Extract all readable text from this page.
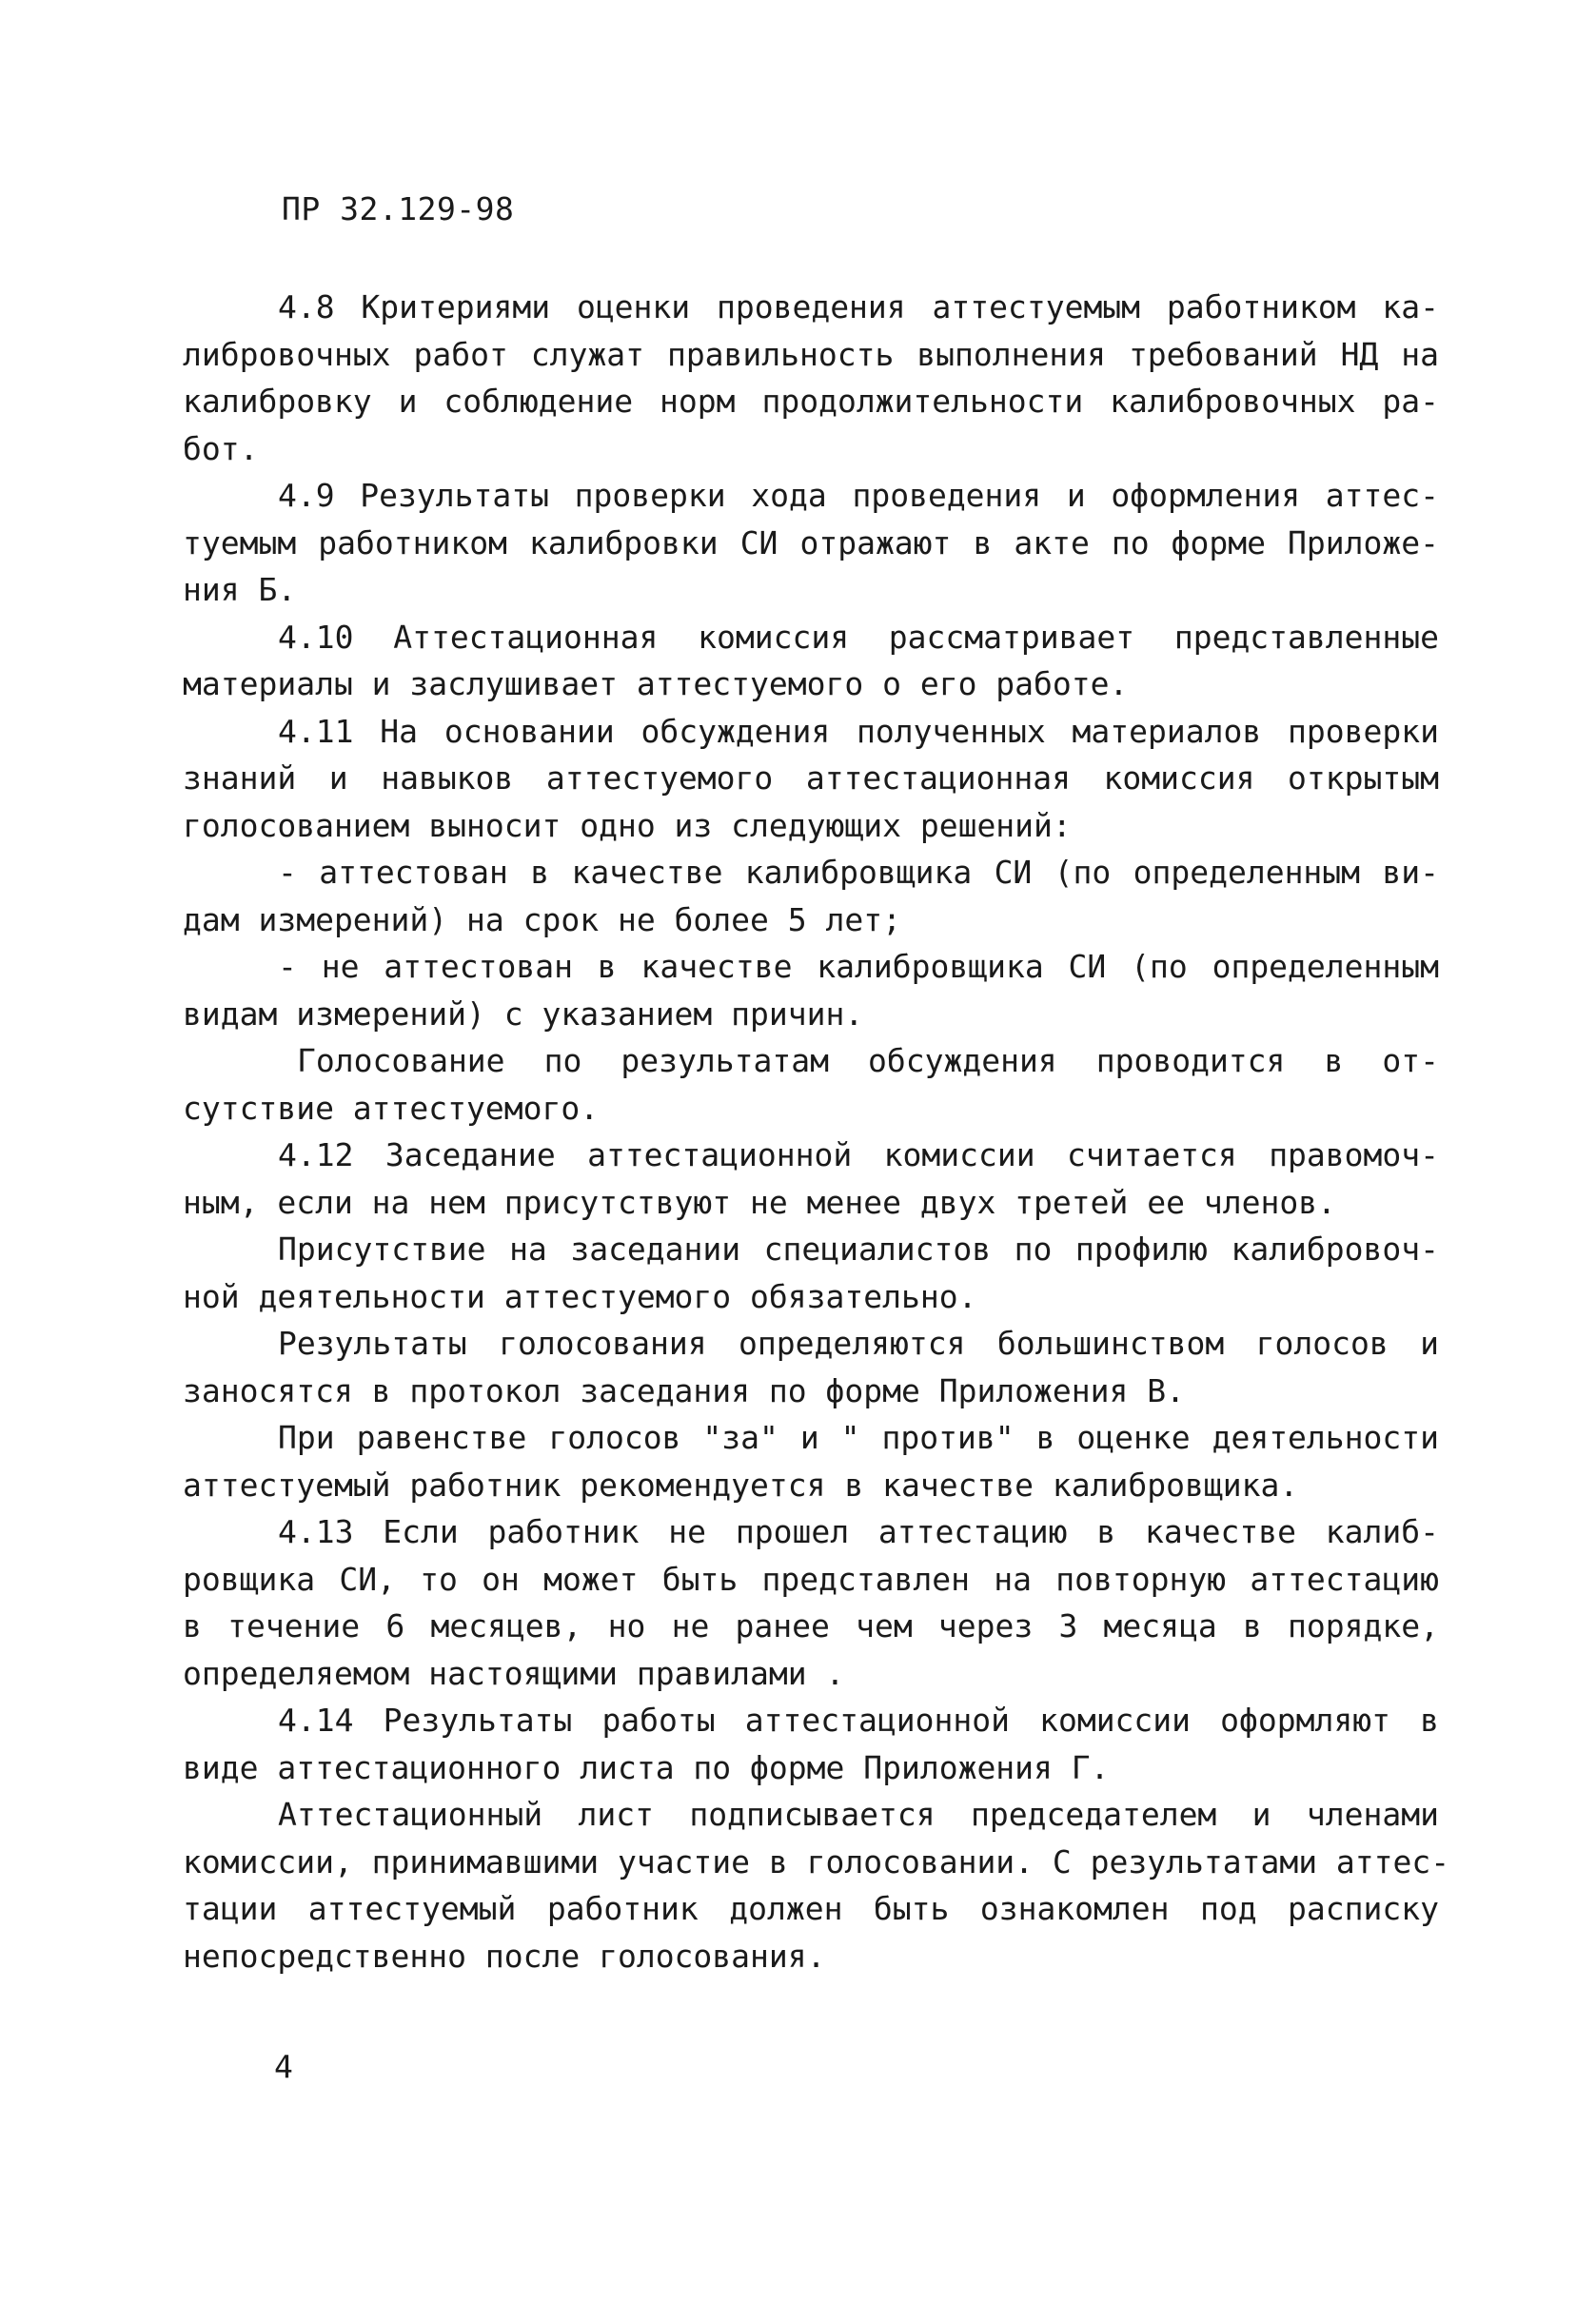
ПР 32.129-98
4.8 Критериями оценки проведения аттестуемым работником ка-
либровочных работ служат правильность выполнения требований НД на
калибровку и соблюдение норм продолжительности калибровочных ра-
бот.
4.9 Результаты проверки хода проведения и оформления аттес-
туемым работником калибровки СИ отражают в акте по форме Приложе-
ния Б.
4.10 Аттестационная комиссия рассматривает представленные
материалы и заслушивает аттестуемого о его работе.
4.11 На основании обсуждения полученных материалов проверки
знаний и навыков аттестуемого аттестационная комиссия открытым
голосованием выносит одно из следующих решений:
- аттестован в качестве калибровщика СИ (по определенным ви-
дам измерений) на срок не более 5 лет;
- не аттестован в качестве калибровщика СИ (по определенным
видам измерений) с указанием причин.
Голосование по результатам обсуждения проводится в от-
сутствие аттестуемого.
4.12 Заседание аттестационной комиссии считается правомоч-
ным, если на нем присутствуют не менее двух третей ее членов.
Присутствие на заседании специалистов по профилю калибровоч-
ной деятельности аттестуемого обязательно.
Результаты голосования определяются большинством голосов и
заносятся в протокол заседания по форме Приложения В.
При равенстве голосов "за" и " против" в оценке деятельности
аттестуемый работник рекомендуется в качестве калибровщика.
4.13 Если работник не прошел аттестацию в качестве калиб-
ровщика СИ, то он может быть представлен на повторную аттестацию
в течение 6 месяцев, но не ранее чем через 3 месяца в порядке,
определяемом настоящими правилами .
4.14 Результаты работы аттестационной комиссии оформляют в
виде аттестационного листа по форме Приложения Г.
Аттестационный лист подписывается председателем и членами
комиссии, принимавшими участие в голосовании. С результатами аттес-
тации аттестуемый работник должен быть ознакомлен под расписку
непосредственно после голосования.
4
